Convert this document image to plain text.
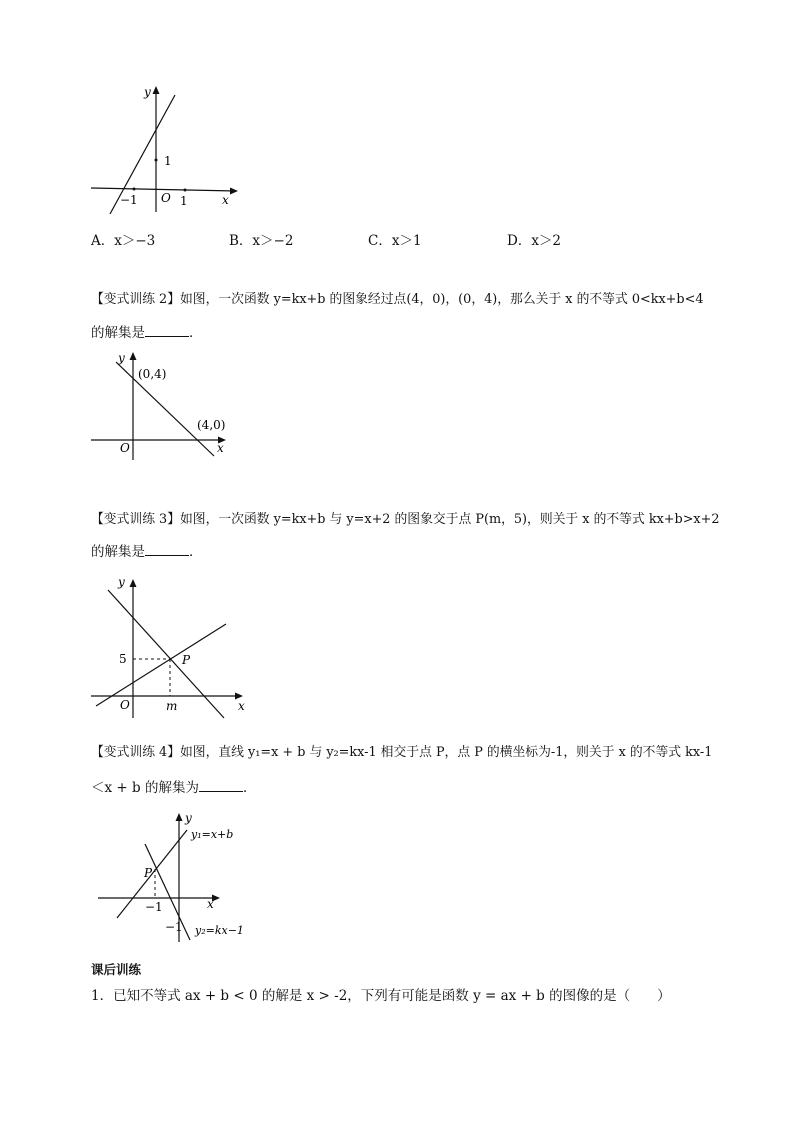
y
1
O
−1	1	x
A．x＞−3	B．x＞−2	C．x＞1	D．x＞2
【变式训练 2】如图，一次函数 y=kx+b 的图象经过点(4，0)，(0，4)，那么关于 x 的不等式 0<kx+b<4
的解集是	．
y
(0,4)
(4,0)
O	x
【变式训练 3】如图，一次函数 y=kx+b 与 y=x+2 的图象交于点 P(m，5)，则关于 x 的不等式 kx+b>x+2
的解集是	．
y
5	P
O	m	x
【变式训练 4】如图，直线 y₁=x + b 与 y₂=kx-1 相交于点 P，点 P 的横坐标为-1，则关于 x 的不等式 kx-1
＜x + b 的解集为	．
y
y₁=x+b
P
x
−1
−1 y₂=kx−1
课后训练
1．已知不等式 ax + b < 0 的解是 x > -2，下列有可能是函数 y = ax + b 的图像的是（　　）
